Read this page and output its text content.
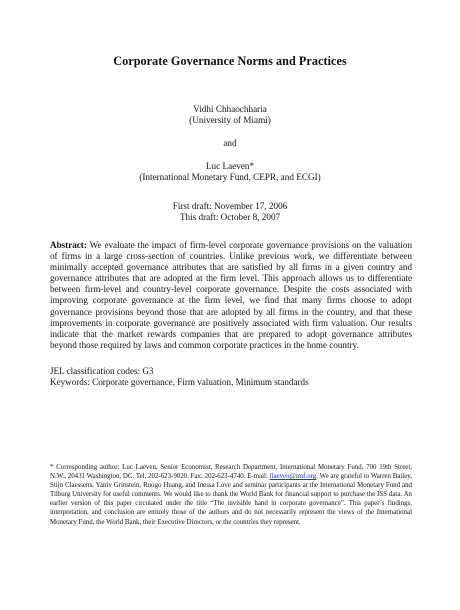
Corporate Governance Norms and Practices
Vidhi Chhaochharia
(University of Miami)
and
Luc Laeven*
(International Monetary Fund, CEPR, and ECGI)
First draft: November 17, 2006
This draft: October 8, 2007
Abstract: We evaluate the impact of firm-level corporate governance provisions on the valuation of firms in a large cross-section of countries. Unlike previous work, we differentiate between minimally accepted governance attributes that are satisfied by all firms in a given country and governance attributes that are adopted at the firm level. This approach allows us to differentiate between firm-level and country-level corporate governance. Despite the costs associated with improving corporate governance at the firm level, we find that many firms choose to adopt governance provisions beyond those that are adopted by all firms in the country, and that these improvements in corporate governance are positively associated with firm valuation. Our results indicate that the market rewards companies that are prepared to adopt governance attributes beyond those required by laws and common corporate practices in the home country.
JEL classification codes: G3
Keywords: Corporate governance, Firm valuation, Minimum standards
* Corresponding author: Luc Laeven, Senior Economist, Research Department, International Monetary Fund, 700 19th Street, N.W., 20431 Washington, DC. Tel. 202-623-9020. Fax: 202-623-4740. E-mail: llaeven@imf.org. We are grateful to Warren Bailey, Stijn Claessens, Yaniv Grinstein, Ruogo Huang, and Inessa Love and seminar participants at the International Monetary Fund and Tilburg University for useful comments. We would like to thank the World Bank for financial support to purchase the ISS data. An earlier version of this paper circulated under the title “The invisible hand in corporate governance”. This paper’s findings, interpretation, and conclusion are entirely those of the authors and do not necessarily represent the views of the International Monetary Fund, the World Bank, their Executive Directors, or the countries they represent.
